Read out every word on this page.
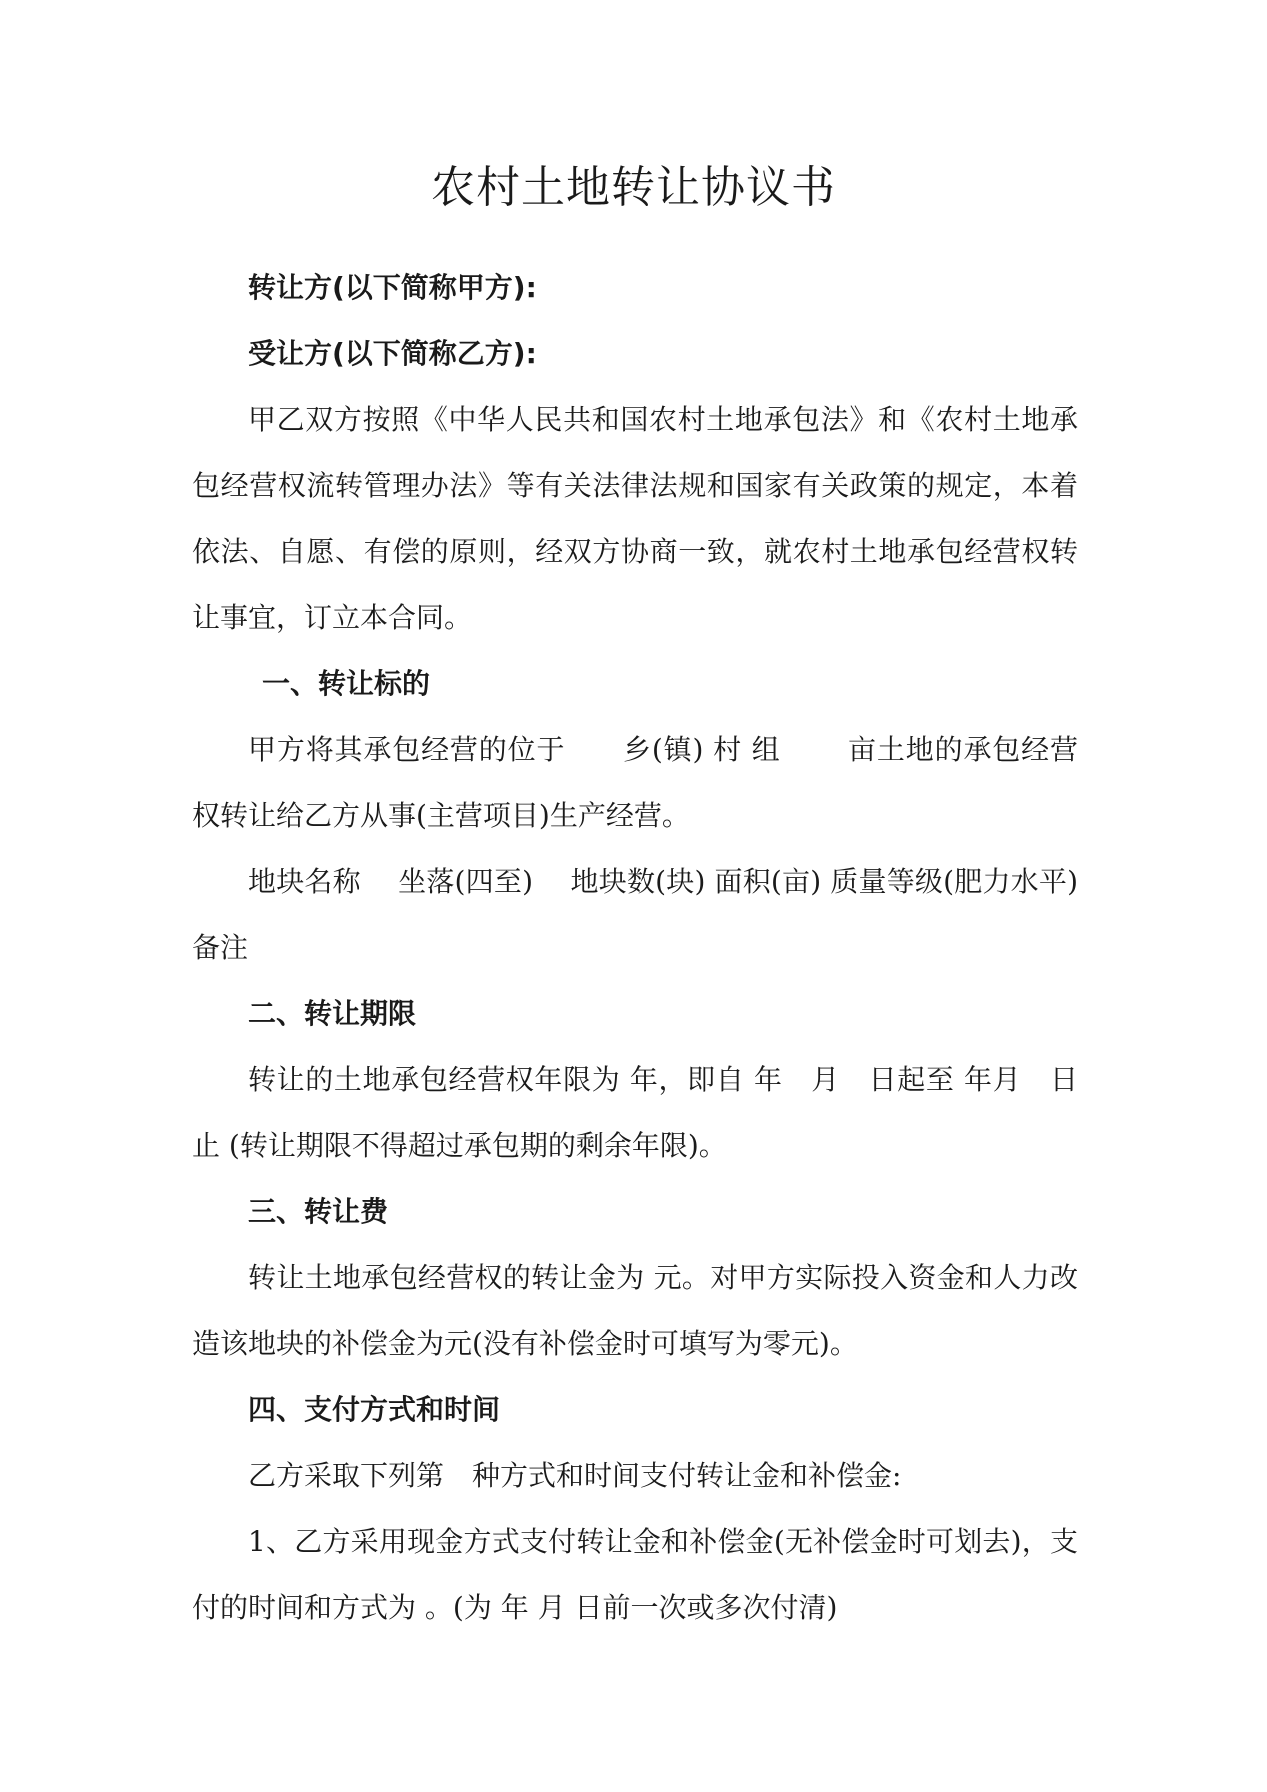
农村土地转让协议书

转让方(以下简称甲方):

受让方(以下简称乙方):

甲乙双方按照《中华人民共和国农村土地承包法》和《农村土地承包经营权流转管理办法》等有关法律法规和国家有关政策的规定，本着依法、自愿、有偿的原则，经双方协商一致，就农村土地承包经营权转让事宜，订立本合同。

一、转让标的

甲方将其承包经营的位于　　乡(镇) 村 组　　 亩土地的承包经营权转让给乙方从事(主营项目)生产经营。

地块名称　 坐落(四至)　 地块数(块) 面积(亩) 质量等级(肥力水平) 备注

二、转让期限

转让的土地承包经营权年限为 年，即自 年　月　日起至 年月　日止 (转让期限不得超过承包期的剩余年限)。

三、转让费

转让土地承包经营权的转让金为 元。对甲方实际投入资金和人力改造该地块的补偿金为元(没有补偿金时可填写为零元)。

四、支付方式和时间

乙方采取下列第　种方式和时间支付转让金和补偿金:

1、乙方采用现金方式支付转让金和补偿金(无补偿金时可划去)，支付的时间和方式为 。(为 年 月 日前一次或多次付清)
